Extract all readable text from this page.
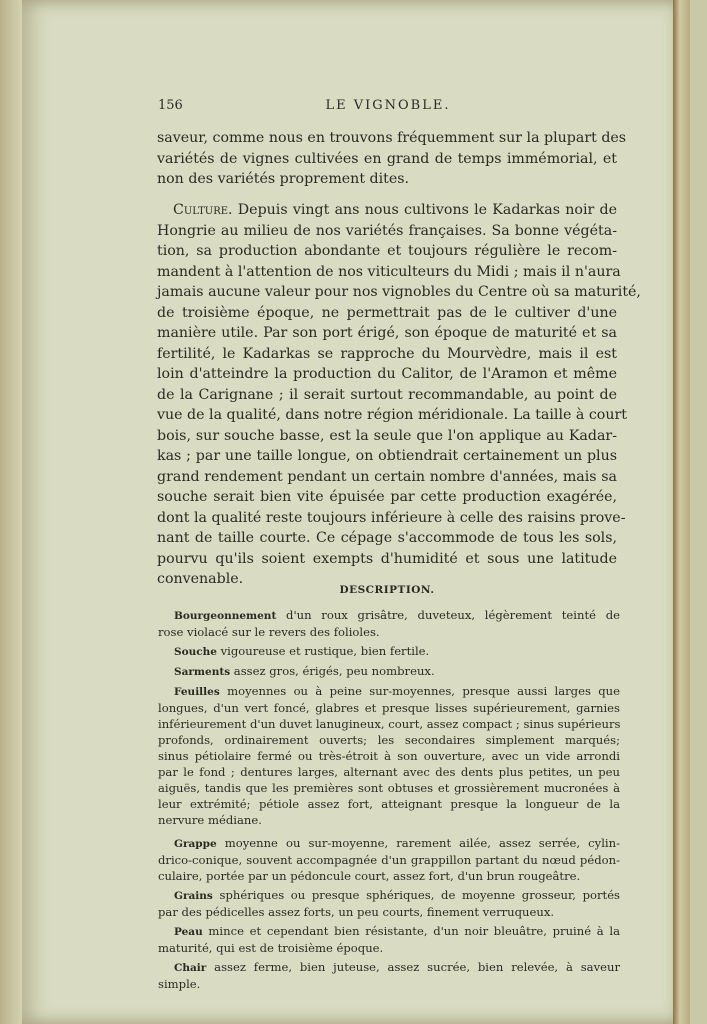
156	LE VIGNOBLE.
saveur, comme nous en trouvons fréquemment sur la plupart des
variétés de vignes cultivées en grand de temps immémorial, et
non des variétés proprement dites.
Culture. Depuis vingt ans nous cultivons le Kadarkas noir de
Hongrie au milieu de nos variétés françaises. Sa bonne végéta-
tion, sa production abondante et toujours régulière le recom-
mandent à l'attention de nos viticulteurs du Midi ; mais il n'aura
jamais aucune valeur pour nos vignobles du Centre où sa maturité,
de troisième époque, ne permettrait pas de le cultiver d'une
manière utile. Par son port érigé, son époque de maturité et sa
fertilité, le Kadarkas se rapproche du Mourvèdre, mais il est
loin d'atteindre la production du Calitor, de l'Aramon et même
de la Carignane ; il serait surtout recommandable, au point de
vue de la qualité, dans notre région méridionale. La taille à court
bois, sur souche basse, est la seule que l'on applique au Kadar-
kas ; par une taille longue, on obtiendrait certainement un plus
grand rendement pendant un certain nombre d'années, mais sa
souche serait bien vite épuisée par cette production exagérée,
dont la qualité reste toujours inférieure à celle des raisins prove-
nant de taille courte. Ce cépage s'accommode de tous les sols,
pourvu qu'ils soient exempts d'humidité et sous une latitude
convenable.
DESCRIPTION.
Bourgeonnement d'un roux grisâtre, duveteux, légèrement teinté de
rose violacé sur le revers des folioles.
Souche vigoureuse et rustique, bien fertile.
Sarments assez gros, érigés, peu nombreux.
Feuilles moyennes ou à peine sur-moyennes, presque aussi larges que
longues, d'un vert foncé, glabres et presque lisses supérieurement, garnies
inférieurement d'un duvet lanugineux, court, assez compact ; sinus supérieurs
profonds, ordinairement ouverts; les secondaires simplement marqués;
sinus pétiolaire fermé ou très-étroit à son ouverture, avec un vide arrondi
par le fond ; dentures larges, alternant avec des dents plus petites, un peu
aiguës, tandis que les premières sont obtuses et grossièrement mucronées à
leur extrémité; pétiole assez fort, atteignant presque la longueur de la
nervure médiane.
Grappe moyenne ou sur-moyenne, rarement ailée, assez serrée, cylin-
drico-conique, souvent accompagnée d'un grappillon partant du nœud pédon-
culaire, portée par un pédoncule court, assez fort, d'un brun rougeâtre.
Grains sphériques ou presque sphériques, de moyenne grosseur, portés
par des pédicelles assez forts, un peu courts, finement verruqueux.
Peau mince et cependant bien résistante, d'un noir bleuâtre, pruiné à la
maturité, qui est de troisième époque.
Chair assez ferme, bien juteuse, assez sucrée, bien relevée, à saveur
simple.
